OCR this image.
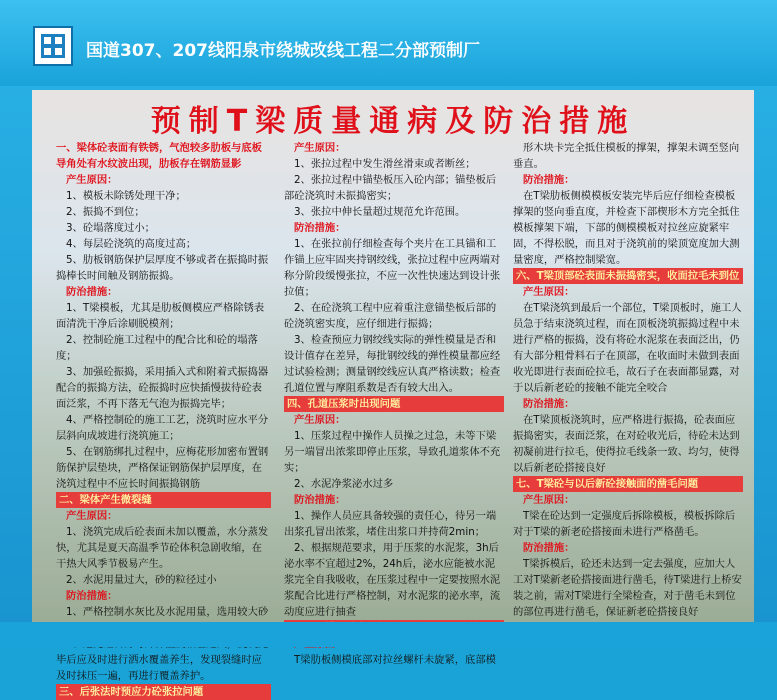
国道307、207线阳泉市绕城改线工程二分部预制厂
预制T梁质量通病及防治措施
一、梁体砼表面有铁锈，气泡较多肋板与底板导角处有水纹波出现，肋板存在钢筋显影
产生原因：
1、模板未除锈处理干净；
2、振捣不到位；
3、砼塌落度过小；
4、每层砼浇筑的高度过高；
5、肋板钢筋保护层厚度不够或者在振捣时振捣棒长时间触及钢筋振捣。
防治措施：
1、T梁模板，尤其是肋板侧模应严格除锈表面清洗干净后涂刷脱模剂；
2、控制砼施工过程中的配合比和砼的塌落度；
3、加强砼振捣，采用插入式和附着式振捣器配合的振捣方法，砼振捣时应快插慢拔待砼表面泛浆，不再下落无气泡为振捣完毕；
4、严格控制砼的施工工艺，浇筑时应水平分层斜向成坡进行浇筑施工；
5、在钢筋绑扎过程中，应梅花形加密布置钢筋保护层垫块，严格保证钢筋保护层厚度，在浇筑过程中不应长时间振捣钢筋
二、梁体产生微裂缝
产生原因：
1、浇筑完成后砼表面未加以覆盖，水分蒸发快，尤其是夏天高温季节砼体积急剧收缩，在干热大风季节极易产生。
2、水泥用量过大，砂的粒径过小
防治措施：
1、严格控制水灰比及水泥用量，选用较大砂
毕后应及时进行洒水覆盖养生，发现裂缝时应及时抹压一遍，再进行覆盖养护。
三、后张法时预应力砼张拉问题
产生原因：
1、张拉过程中发生滑丝滑束或者断丝；
2、张拉过程中锚垫板压入砼内部；锚垫板后部砼浇筑时未振捣密实；
3、张拉中伸长量超过规范允许范围。
防治措施：
1、在张拉前仔细检查每个夹片在工具锚和工作锚上应牢固夹持钢绞线，张拉过程中应两端对称分阶段缓慢张拉，不应一次性快速达到设计张拉值；
2、在砼浇筑工程中应着重注意锚垫板后部的砼浇筑密实度，应仔细进行振捣；
3、检查预应力钢绞线实际的弹性模量是否和设计值存在差异，每批钢绞线的弹性模量都应经过试验检测；测量钢绞线应认真严格读数；检查孔道位置与摩阻系数是否有较大出入。
四、孔道压浆时出现问题
产生原因：
1、压浆过程中操作人员操之过急，未等下梁另一端冒出浓浆即停止压浆，导致孔道浆体不充实；
2、水泥净浆泌水过多
防治措施：
1、操作人员应具备较强的责任心，待另一端出浆孔冒出浓浆，堵住出浆口并持荷2min；
2、根据规范要求，用于压浆的水泥浆，3h后泌水率不宜超过2%，24h后，泌水应能被水泥浆完全自我吸收，在压浆过程中一定要按照水泥浆配合比进行严格控制，对水泥浆的泌水率，流动度应进行抽查
T梁肋板侧模底部对拉丝螺杆未旋紧，底部模
形木块卡完全抵住模板的撑架，撑架未调至竖向垂直。
防治措施：
在T梁肋板侧模模板安装完毕后应仔细检查模板撑架的竖向垂直度，并检查下部楔形木方完全抵住模板撑架下端，下部的侧模模板对拉丝应旋紧牢固，不得松脱，而且对于浇筑前的梁顶宽度加大测量密度，严格控制梁宽。
六、T梁顶部砼表面未振捣密实，收面拉毛未到位
产生原因：
在T梁浇筑到最后一个部位，T梁顶板时，施工人员急于结束浇筑过程，而在顶板浇筑振捣过程中未进行严格的振捣，没有将砼水泥浆在表面泛出，仍有大部分粗骨料石子在顶部，在收面时未做到表面收光即进行表面砼拉毛，故石子在表面都显露，对于以后新老砼的接触不能完全咬合
防治措施：
在T梁顶板浇筑时，应严格进行振捣，砼表面应振捣密实，表面泛浆，在对砼收光后，待砼未达到初凝前进行拉毛，使得拉毛线条一致、均匀，使得以后新老砼搭接良好
七、T梁砼与以后新砼接触面的凿毛问题
产生原因：
T梁在砼达到一定强度后拆除模板，模板拆除后对于T梁的新老砼搭接面未进行严格凿毛。
防治措施：
T梁拆模后，砼还未达到一定去强度，应加大人工对T梁新老砼搭接面进行凿毛，待T梁进行上桥安装之前，需对T梁进行全梁检查，对于凿毛未到位的部位再进行凿毛，保证新老砼搭接良好
